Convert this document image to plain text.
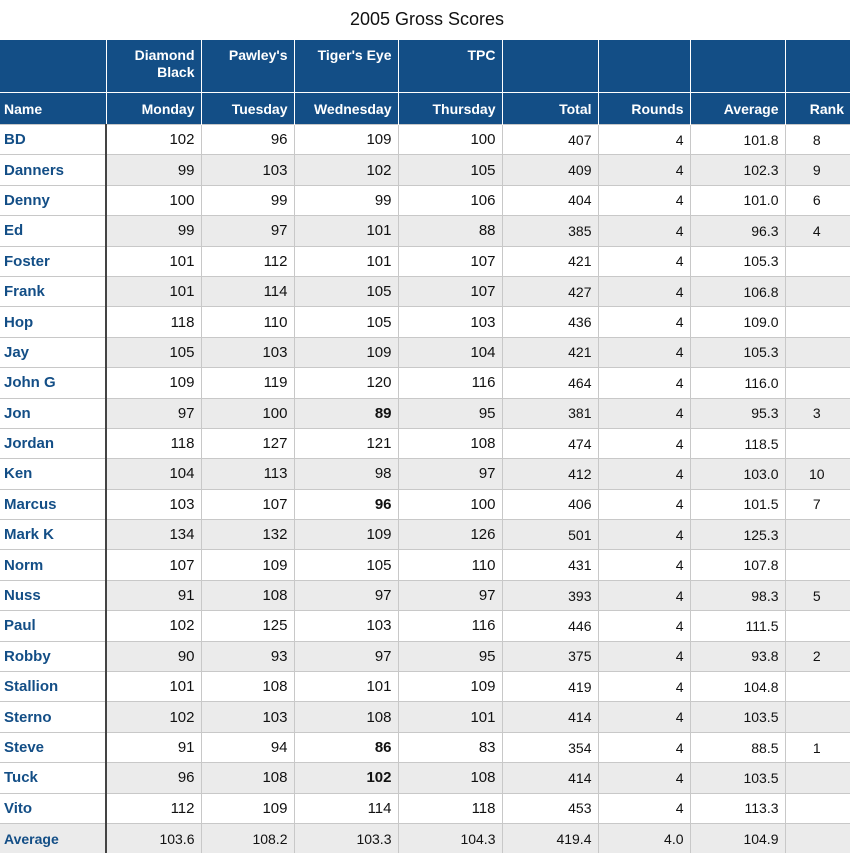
2005 Gross Scores
	Diamond Black	Pawley's	Tiger's Eye	TPC				
Name	Monday	Tuesday	Wednesday	Thursday	Total	Rounds	Average	Rank
BD	102	96	109	100	407	4	101.8	8
Danners	99	103	102	105	409	4	102.3	9
Denny	100	99	99	106	404	4	101.0	6
Ed	99	97	101	88	385	4	96.3	4
Foster	101	112	101	107	421	4	105.3	
Frank	101	114	105	107	427	4	106.8	
Hop	118	110	105	103	436	4	109.0	
Jay	105	103	109	104	421	4	105.3	
John G	109	119	120	116	464	4	116.0	
Jon	97	100	89	95	381	4	95.3	3
Jordan	118	127	121	108	474	4	118.5	
Ken	104	113	98	97	412	4	103.0	10
Marcus	103	107	96	100	406	4	101.5	7
Mark K	134	132	109	126	501	4	125.3	
Norm	107	109	105	110	431	4	107.8	
Nuss	91	108	97	97	393	4	98.3	5
Paul	102	125	103	116	446	4	111.5	
Robby	90	93	97	95	375	4	93.8	2
Stallion	101	108	101	109	419	4	104.8	
Sterno	102	103	108	101	414	4	103.5	
Steve	91	94	86	83	354	4	88.5	1
Tuck	96	108	102	108	414	4	103.5	
Vito	112	109	114	118	453	4	113.3	
Average	103.6	108.2	103.3	104.3	419.4	4.0	104.9	
